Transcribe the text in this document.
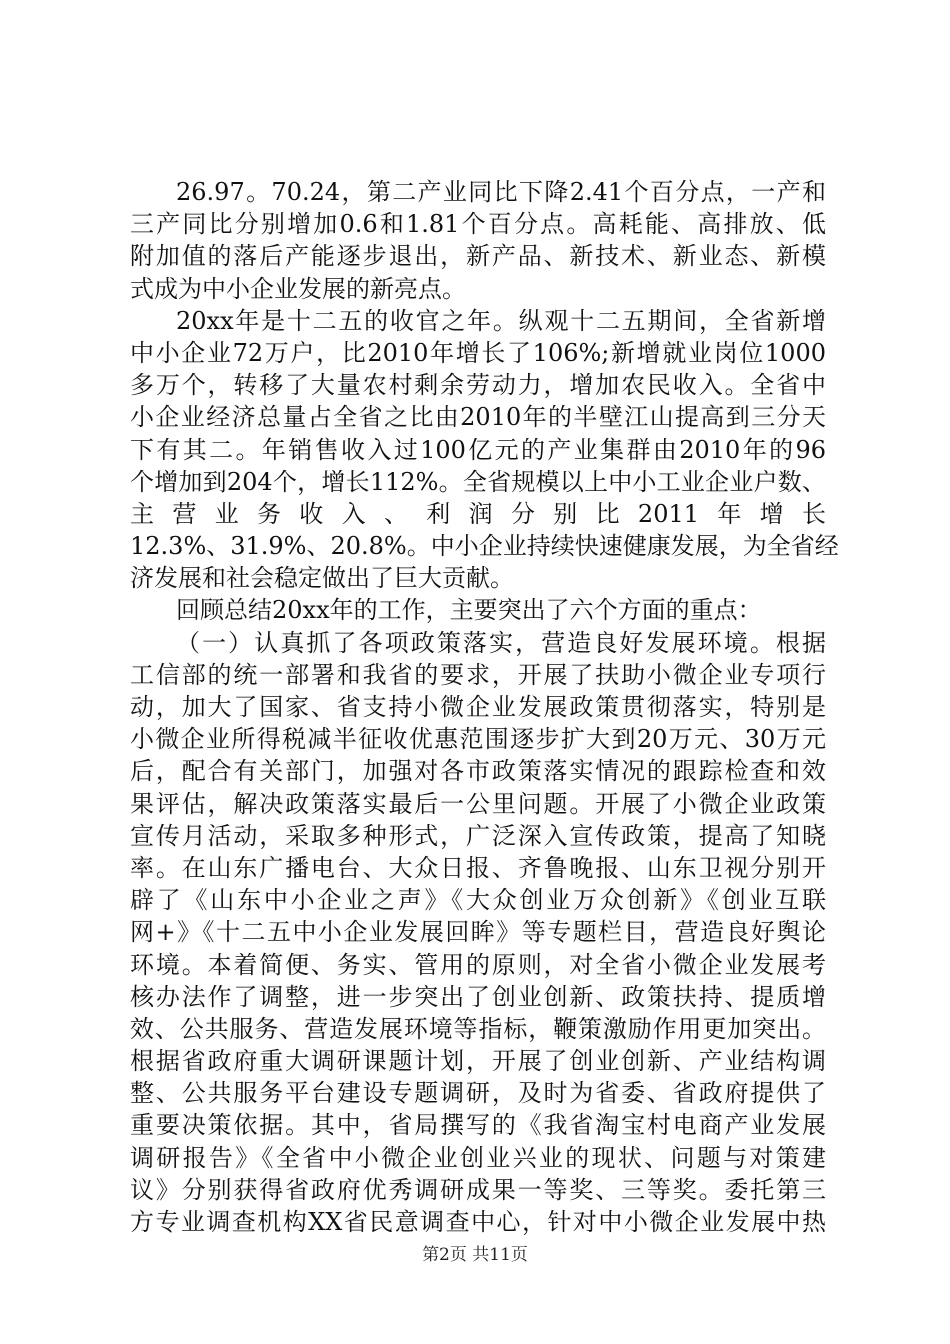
26.97。70.24，第二产业同比下降2.41个百分点，一产和
三产同比分别增加0.6和1.81个百分点。高耗能、高排放、低
附加值的落后产能逐步退出，新产品、新技术、新业态、新模
式成为中小企业发展的新亮点。
20xx年是十二五的收官之年。纵观十二五期间，全省新增
中小企业72万户，比2010年增长了106%;新增就业岗位1000
多万个，转移了大量农村剩余劳动力，增加农民收入。全省中
小企业经济总量占全省之比由2010年的半壁江山提高到三分天
下有其二。年销售收入过100亿元的产业集群由2010年的96
个增加到204个，增长112%。全省规模以上中小工业企业户数、
主营业务收入、利润分别比2011年增长
12.3%、31.9%、20.8%。中小企业持续快速健康发展，为全省经
济发展和社会稳定做出了巨大贡献。
回顾总结20xx年的工作，主要突出了六个方面的重点：
（一）认真抓了各项政策落实，营造良好发展环境。根据
工信部的统一部署和我省的要求，开展了扶助小微企业专项行
动，加大了国家、省支持小微企业发展政策贯彻落实，特别是
小微企业所得税减半征收优惠范围逐步扩大到20万元、30万元
后，配合有关部门，加强对各市政策落实情况的跟踪检查和效
果评估，解决政策落实最后一公里问题。开展了小微企业政策
宣传月活动，采取多种形式，广泛深入宣传政策，提高了知晓
率。在山东广播电台、大众日报、齐鲁晚报、山东卫视分别开
辟了《山东中小企业之声》《大众创业万众创新》《创业互联
网+》《十二五中小企业发展回眸》等专题栏目，营造良好舆论
环境。本着简便、务实、管用的原则，对全省小微企业发展考
核办法作了调整，进一步突出了创业创新、政策扶持、提质增
效、公共服务、营造发展环境等指标，鞭策激励作用更加突出。
根据省政府重大调研课题计划，开展了创业创新、产业结构调
整、公共服务平台建设专题调研，及时为省委、省政府提供了
重要决策依据。其中，省局撰写的《我省淘宝村电商产业发展
调研报告》《全省中小微企业创业兴业的现状、问题与对策建
议》分别获得省政府优秀调研成果一等奖、三等奖。委托第三
方专业调查机构XX省民意调查中心，针对中小微企业发展中热
第2页 共11页
